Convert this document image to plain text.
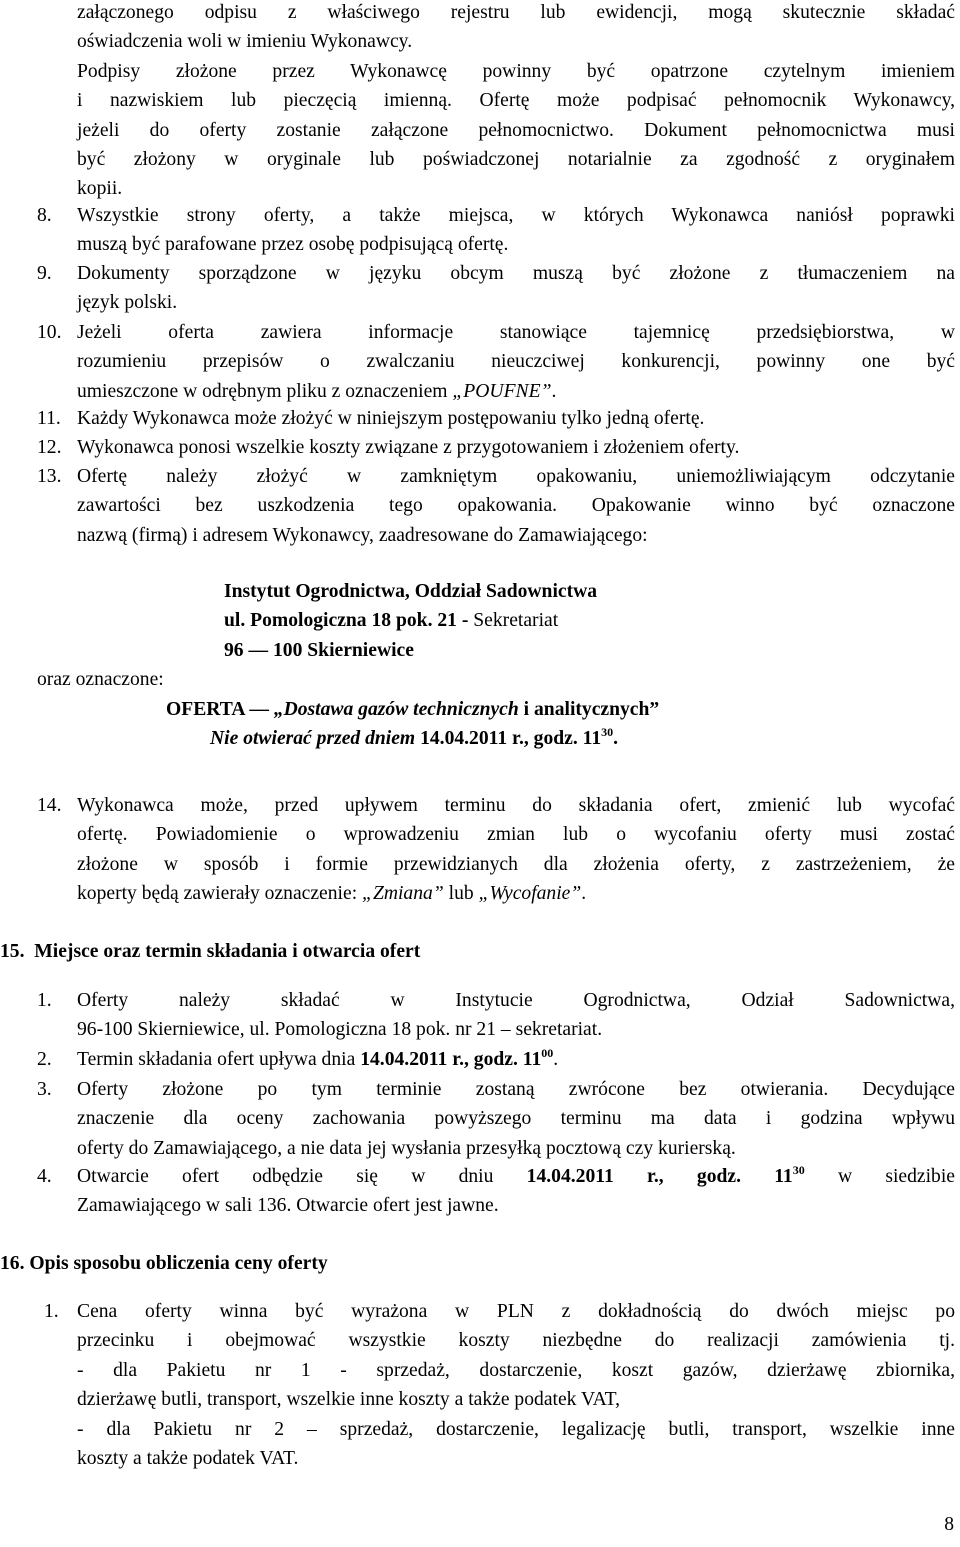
załączonego odpisu z właściwego rejestru lub ewidencji, mogą skutecznie składać
oświadczenia woli w imieniu Wykonawcy.
Podpisy złożone przez Wykonawcę powinny być opatrzone czytelnym imieniem
i nazwiskiem lub pieczęcią imienną. Ofertę może podpisać pełnomocnik Wykonawcy,
jeżeli do oferty zostanie załączone pełnomocnictwo. Dokument pełnomocnictwa musi
być złożony w oryginale lub poświadczonej notarialnie za zgodność z oryginałem
kopii.
8. Wszystkie strony oferty, a także miejsca, w których Wykonawca naniósł poprawki
muszą być parafowane przez osobę podpisującą ofertę.
9. Dokumenty sporządzone w języku obcym muszą być złożone z tłumaczeniem na
język polski.
10. Jeżeli oferta zawiera informacje stanowiące tajemnicę przedsiębiorstwa, w
rozumieniu przepisów o zwalczaniu nieuczciwej konkurencji, powinny one być
umieszczone w odrębnym pliku z oznaczeniem „POUFNE”.
11. Każdy Wykonawca może złożyć w niniejszym postępowaniu tylko jedną ofertę.
12. Wykonawca ponosi wszelkie koszty związane z przygotowaniem i złożeniem oferty.
13. Ofertę należy złożyć w zamkniętym opakowaniu, uniemożliwiającym odczytanie
zawartości bez uszkodzenia tego opakowania. Opakowanie winno być oznaczone
nazwą (firmą) i adresem Wykonawcy, zaadresowane do Zamawiającego:
Instytut Ogrodnictwa, Oddział Sadownictwa
ul. Pomologiczna 18 pok. 21 - Sekretariat
96 — 100 Skierniewice
oraz oznaczone:
OFERTA — „Dostawa gazów technicznych i analitycznych”
Nie otwierać przed dniem 14.04.2011 r., godz. $11^{30}$.
14. Wykonawca może, przed upływem terminu do składania ofert, zmienić lub wycofać
ofertę. Powiadomienie o wprowadzeniu zmian lub o wycofaniu oferty musi zostać
złożone w sposób i formie przewidzianych dla złożenia oferty, z zastrzeżeniem, że
koperty będą zawierały oznaczenie: „Zmiana” lub „Wycofanie”.
15.  Miejsce oraz termin składania i otwarcia ofert
1. Oferty należy składać w Instytucie Ogrodnictwa, Odział Sadownictwa,
96-100 Skierniewice, ul. Pomologiczna 18 pok. nr 21 – sekretariat.
2. Termin składania ofert upływa dnia 14.04.2011 r., godz. $11^{00}$.
3. Oferty złożone po tym terminie zostaną zwrócone bez otwierania. Decydujące
znaczenie dla oceny zachowania powyższego terminu ma data i godzina wpływu
oferty do Zamawiającego, a nie data jej wysłania przesyłką pocztową czy kurierską.
4. Otwarcie ofert odbędzie się w dniu 14.04.2011 r., godz. $11^{30}$ w siedzibie
Zamawiającego w sali 136. Otwarcie ofert jest jawne.
16. Opis sposobu obliczenia ceny oferty
1. Cena oferty winna być wyrażona w PLN z dokładnością do dwóch miejsc po
przecinku i obejmować wszystkie koszty niezbędne do realizacji zamówienia tj.
- dla Pakietu nr 1 - sprzedaż, dostarczenie, koszt gazów, dzierżawę zbiornika,
dzierżawę butli, transport, wszelkie inne koszty a także podatek VAT,
- dla Pakietu nr 2 – sprzedaż, dostarczenie, legalizację butli, transport, wszelkie inne
koszty a także podatek VAT.
8
